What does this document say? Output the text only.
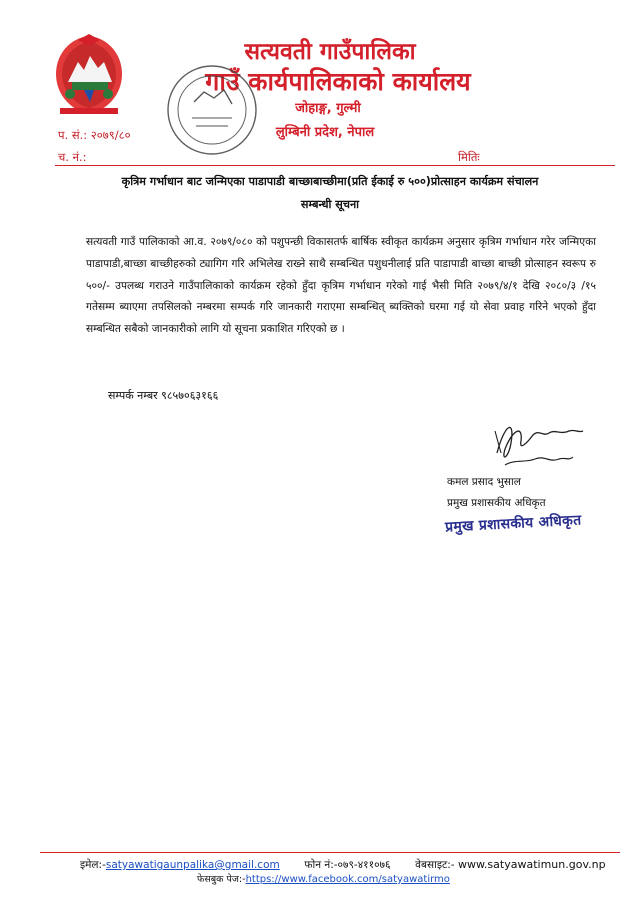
सत्यवती गाउँपालिका
गाउँ कार्यपालिकाको कार्यालय
जोहाङ्ग, गुल्मी
लुम्बिनी प्रदेश, नेपाल
प. सं.: २०७९/८०
च. नं.:	मितिः
कृत्रिम गर्भाधान बाट जन्मिएका पाडापाडी बाच्छाबाच्छीमा(प्रति ईकाई रु ५००)प्रोत्साहन कार्यक्रम संचालन
सम्बन्धी सूचना
सत्यवती गाउँ पालिकाको आ.व. २०७९/०८० को पशुपन्छी विकासतर्फ बार्षिक स्वीकृत कार्यक्रम अनुसार कृत्रिम गर्भाधान गरेर जन्मिएका पाडापाडी,बाच्छा बाच्छीहरुको ट्यागिग गरि अभिलेख राख्ने साथै सम्बन्धित पशुधनीलाई प्रति पाडापाडी बाच्छा बाच्छी प्रोत्साहन स्वरूप रु ५००/- उपलब्ध गराउने गाउँपालिकाको कार्यक्रम रहेको हुँदा कृत्रिम गर्भाधान गरेको गाई भैसी मिति २०७९/४/१ देखि २०८०/३ /१५ गतेसम्म ब्याएमा तपसिलको नम्बरमा सम्पर्क गरि जानकारी गराएमा सम्बन्धित् ब्यक्तिको घरमा गई यो सेवा प्रवाह गरिने भएको हुँदा सम्बन्धित सबैको जानकारीको लागि यो सूचना प्रकाशित गरिएको छ ।
सम्पर्क नम्बर ९८५७०६३१६६
कमल प्रसाद भुसाल
प्रमुख प्रशासकीय अधिकृत
प्रमुख प्रशासकीय अधिकृत
इमेल:-satyawatigaunpalika@gmail.com फोन नं:-०७९-४११०७६ वेबसाइट:- www.satyawatimun.gov.np
फेसबुक पेज:-https://www.facebook.com/satyawatirmo
